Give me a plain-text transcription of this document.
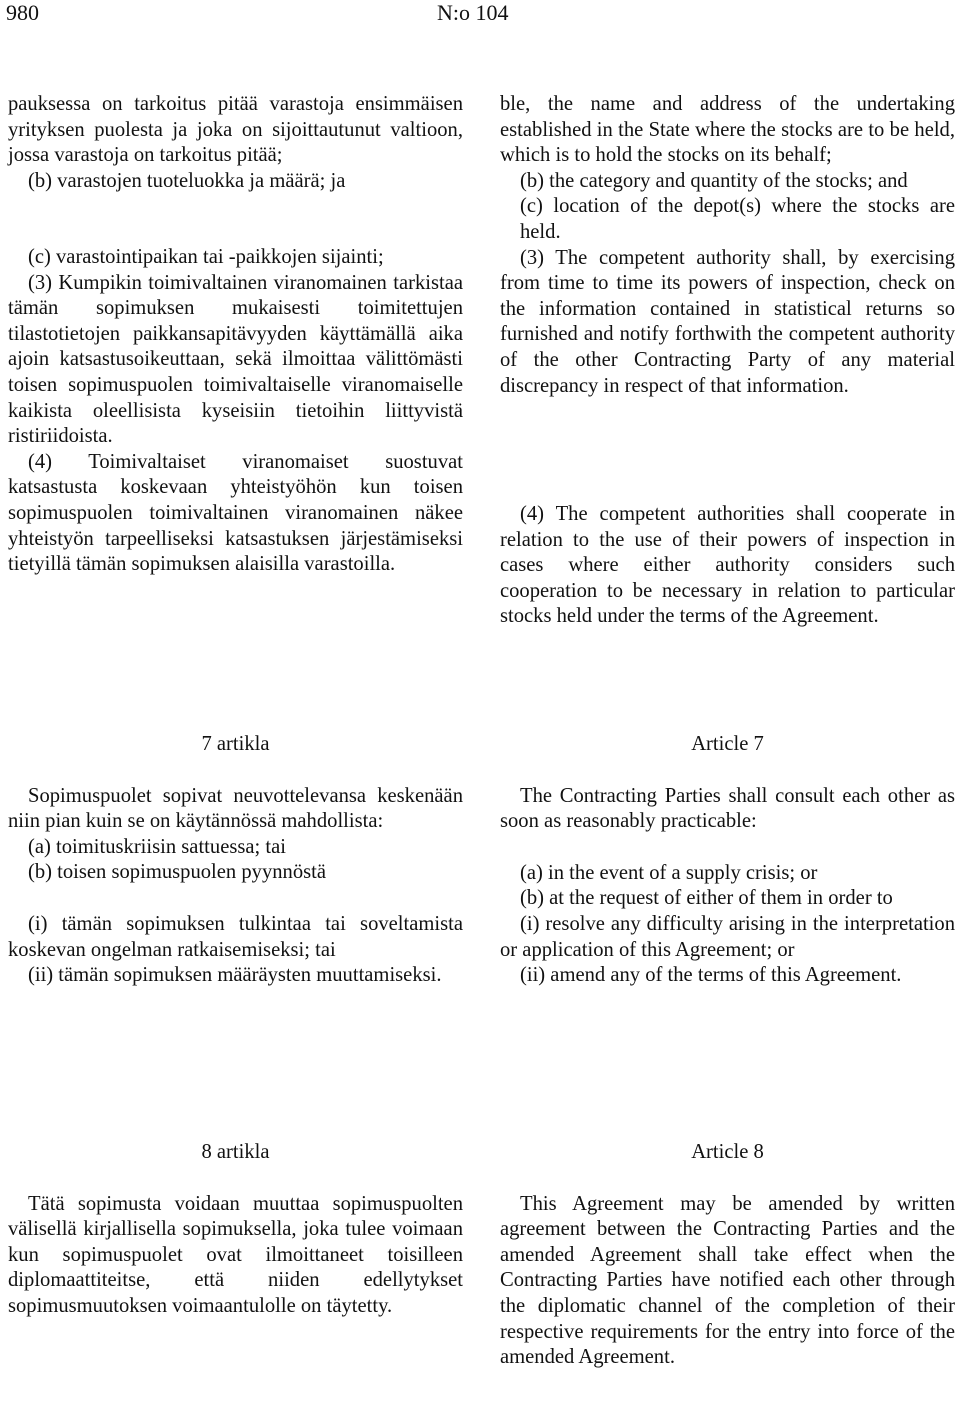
980	N:o 104

pauksessa on tarkoitus pitää varastoja ensimmäisen yrityksen puolesta ja joka on sijoittautunut valtioon, jossa varastoja on tarkoitus pitää;

(b) varastojen tuoteluokka ja määrä; ja

(c) varastointipaikan tai -paikkojen sijainti;

(3) Kumpikin toimivaltainen viranomainen tarkistaa tämän sopimuksen mukaisesti toimitettujen tilastotietojen paikkansapitävyyden käyttämällä aika ajoin katsastusoikeuttaan, sekä ilmoittaa välittömästi toisen sopimuspuolen toimivaltaiselle viranomaiselle kaikista oleellisista kyseisiin tietoihin liittyvistä ristiriidoista.

(4) Toimivaltaiset viranomaiset suostuvat katsastusta koskevaan yhteistyöhön kun toisen sopimuspuolen toimivaltainen viranomainen näkee yhteistyön tarpeelliseksi katsastuksen järjestämiseksi tietyillä tämän sopimuksen alaisilla varastoilla.

7 artikla

Sopimuspuolet sopivat neuvottelevansa keskenään niin pian kuin se on käytännössä mahdollista:

(a) toimituskriisin sattuessa; tai

(b) toisen sopimuspuolen pyynnöstä

(i) tämän sopimuksen tulkintaa tai soveltamista koskevan ongelman ratkaisemiseksi; tai

(ii) tämän sopimuksen määräysten muuttamiseksi.

8 artikla

Tätä sopimusta voidaan muuttaa sopimuspuolten välisellä kirjallisella sopimuksella, joka tulee voimaan kun sopimuspuolet ovat ilmoittaneet toisilleen diplomaattiteitse, että niiden edellytykset sopimusmuutoksen voimaantulolle on täytetty.

ble, the name and address of the undertaking established in the State where the stocks are to be held, which is to hold the stocks on its behalf;

(b) the category and quantity of the stocks; and

(c) location of the depot(s) where the stocks are held.

(3) The competent authority shall, by exercising from time to time its powers of inspection, check on the information contained in statistical returns so furnished and notify forthwith the competent authority of the other Contracting Party of any material discrepancy in respect of that information.

(4) The competent authorities shall cooperate in relation to the use of their powers of inspection in cases where either authority considers such cooperation to be necessary in relation to particular stocks held under the terms of the Agreement.

Article 7

The Contracting Parties shall consult each other as soon as reasonably practicable:

(a) in the event of a supply crisis; or

(b) at the request of either of them in order to

(i) resolve any difficulty arising in the interpretation or application of this Agreement; or

(ii) amend any of the terms of this Agreement.

Article 8

This Agreement may be amended by written agreement between the Contracting Parties and the amended Agreement shall take effect when the Contracting Parties have notified each other through the diplomatic channel of the completion of their respective requirements for the entry into force of the amended Agreement.
